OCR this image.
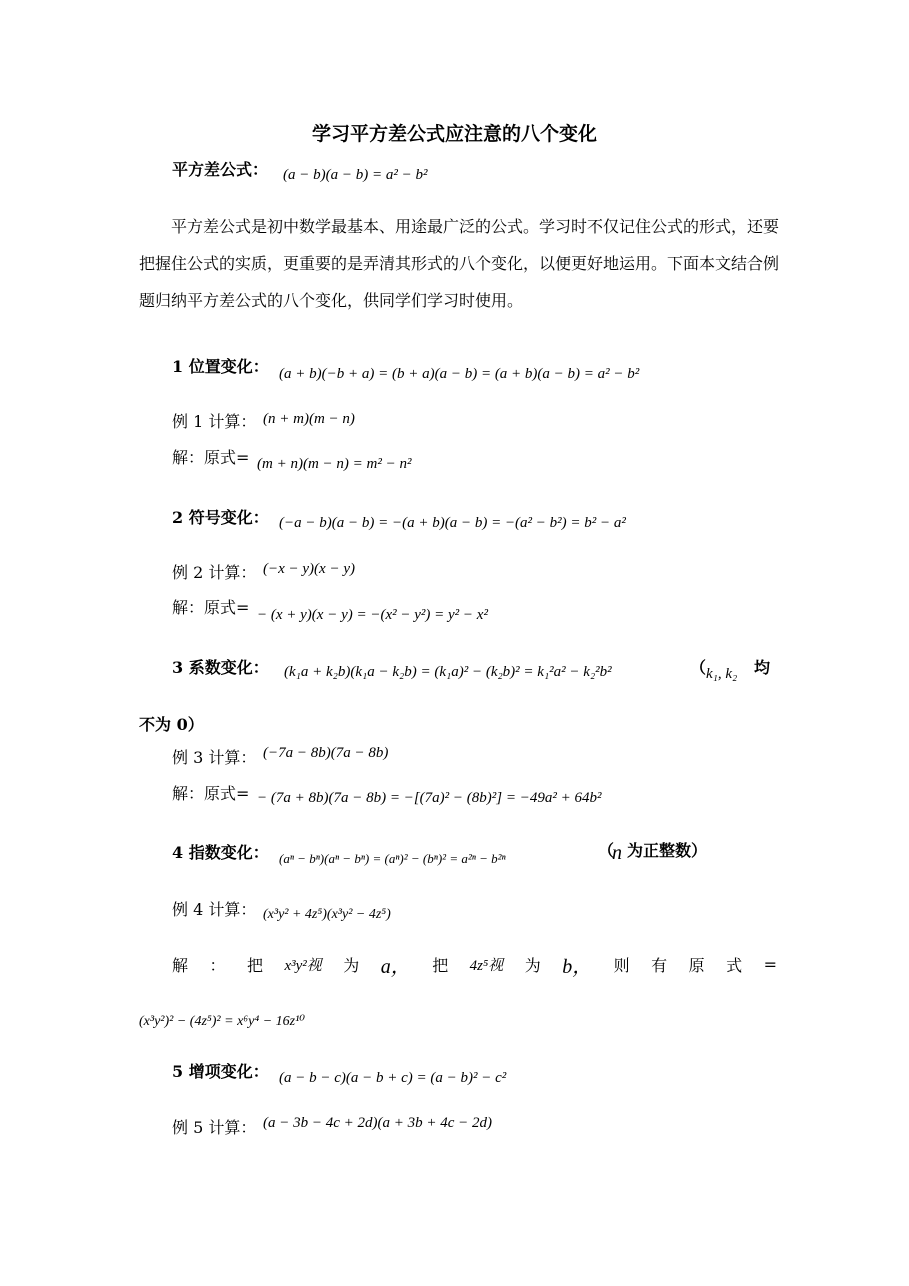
学习平方差公式应注意的八个变化
平方差公式： (a − b)(a − b) = a² − b²
平方差公式是初中数学最基本、用途最广泛的公式。学习时不仅记住公式的形式，还要把握住公式的实质，更重要的是弄清其形式的八个变化，以便更好地运用。下面本文结合例题归纳平方差公式的八个变化，供同学们学习时使用。
1 位置变化： (a + b)(−b + a) = (b + a)(a − b) = (a + b)(a − b) = a² − b²
例 1 计算： (n + m)(m − n)
解：原式= (m + n)(m − n) = m² − n²
2 符号变化： (−a − b)(a − b) = −(a + b)(a − b) = −(a² − b²) = b² − a²
例 2 计算： (−x − y)(x − y)
解：原式= − (x + y)(x − y) = −(x² − y²) = y² − x²
3 系数变化： (k₁a + k₂b)(k₁a − k₂b) = (k₁a)² − (k₂b)² = k₁²a² − k₂²b²	（ k₁, k₂ 均
不为 0）
例 3 计算： (−7a − 8b)(7a − 8b)
解：原式= − (7a + 8b)(7a − 8b) = −[(7a)² − (8b)²] = −49a² + 64b²
4 指数变化： (aⁿ − bⁿ)(aⁿ − bⁿ) = (aⁿ)² − (bⁿ)² = a²ⁿ − b²ⁿ	（
n 为正整数）
例 4 计算： (x³y² + 4z⁵)(x³y² − 4z⁵)
解 ： 把 x³y²视 为 a， 把 4z⁵视 为 b， 则 有 原 式 =
(x³y²)² − (4z⁵)² = x⁶y⁴ − 16z¹⁰
5 增项变化： (a − b − c)(a − b + c) = (a − b)² − c²
例 5 计算： (a − 3b − 4c + 2d)(a + 3b + 4c − 2d)
